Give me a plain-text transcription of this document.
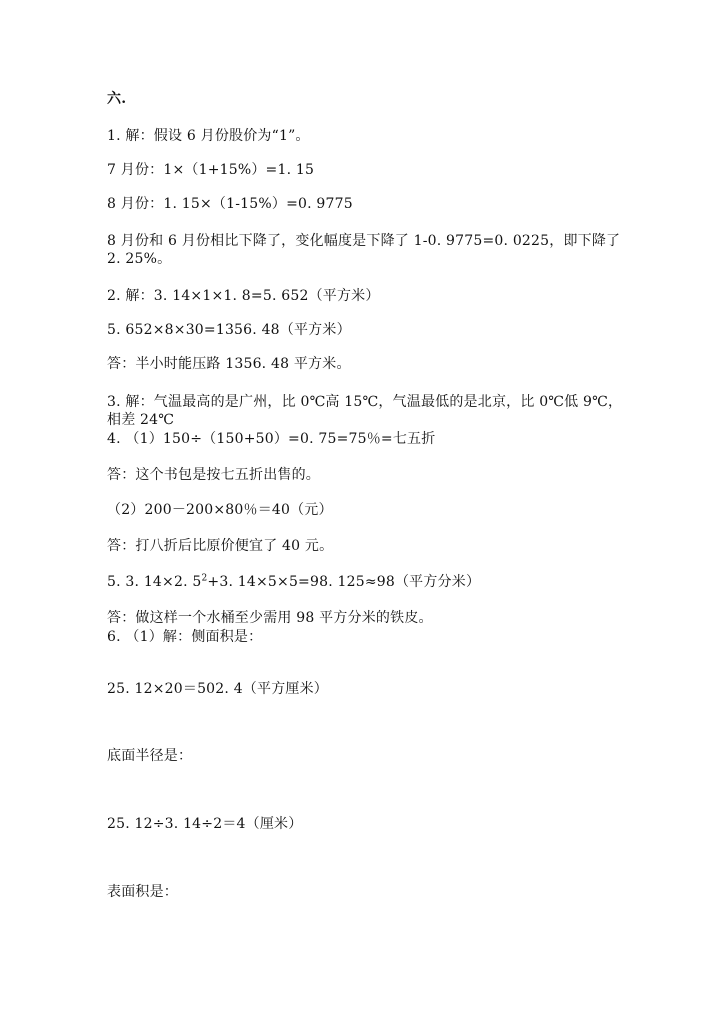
六.
1. 解：假设 6 月份股价为“1”。
7 月份：1×（1+15%）=1. 15
8 月份：1. 15×（1-15%）=0. 9775
8 月份和 6 月份相比下降了，变化幅度是下降了 1-0. 9775=0. 0225，即下降了
2. 25%。
2. 解：3. 14×1×1. 8=5. 652（平方米）
5. 652×8×30=1356. 48（平方米）
答：半小时能压路 1356. 48 平方米。
3. 解：气温最高的是广州，比 0℃高 15℃，气温最低的是北京，比 0℃低 9℃，
相差 24℃
4. （1）150÷（150+50）=0. 75=75％=七五折
答：这个书包是按七五折出售的。
（2）200－200×80％＝40（元）
答：打八折后比原价便宜了 40 元。
5. 3. 14×2. $5^2+3$. 14×5×5=98. 125≈98（平方分米）
答：做这样一个水桶至少需用 98 平方分米的铁皮。
6. （1）解：侧面积是：
25. 12×20＝502. 4（平方厘米）
底面半径是：
25. 12÷3. 14÷2＝4（厘米）
表面积是：
